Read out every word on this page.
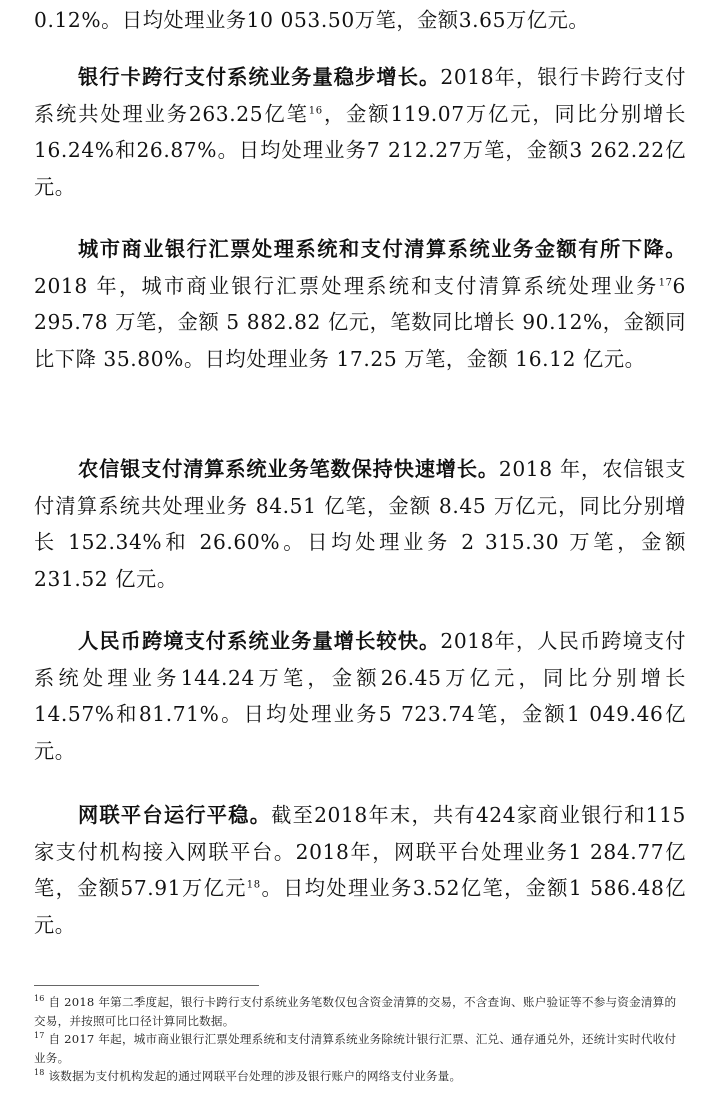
0.12%。日均处理业务10 053.50万笔，金额3.65万亿元。

银行卡跨行支付系统业务量稳步增长。2018年，银行卡跨行支付系统共处理业务263.25亿笔$^{16}$，金额119.07万亿元，同比分别增长16.24%和26.87%。日均处理业务7 212.27万笔，金额3 262.22亿元。

城市商业银行汇票处理系统和支付清算系统业务金额有所下降。2018 年，城市商业银行汇票处理系统和支付清算系统处理业务$^{17}$6 295.78 万笔，金额 5 882.82 亿元，笔数同比增长 90.12%，金额同比下降 35.80%。日均处理业务 17.25 万笔，金额 16.12 亿元。

农信银支付清算系统业务笔数保持快速增长。2018 年，农信银支付清算系统共处理业务 84.51 亿笔，金额 8.45 万亿元，同比分别增长 152.34%和 26.60%。日均处理业务 2 315.30 万笔，金额 231.52 亿元。

人民币跨境支付系统业务量增长较快。2018年，人民币跨境支付系统处理业务144.24万笔，金额26.45万亿元，同比分别增长14.57%和81.71%。日均处理业务5 723.74笔，金额1 049.46亿元。

网联平台运行平稳。截至2018年末，共有424家商业银行和115家支付机构接入网联平台。2018年，网联平台处理业务1 284.77亿笔，金额57.91万亿元$^{18}$。日均处理业务3.52亿笔，金额1 586.48亿元。

$^{16}$ 自 2018 年第二季度起，银行卡跨行支付系统业务笔数仅包含资金清算的交易，不含查询、账户验证等不参与资金清算的交易，并按照可比口径计算同比数据。

$^{17}$ 自 2017 年起，城市商业银行汇票处理系统和支付清算系统业务除统计银行汇票、汇兑、通存通兑外，还统计实时代收付业务。

$^{18}$ 该数据为支付机构发起的通过网联平台处理的涉及银行账户的网络支付业务量。
